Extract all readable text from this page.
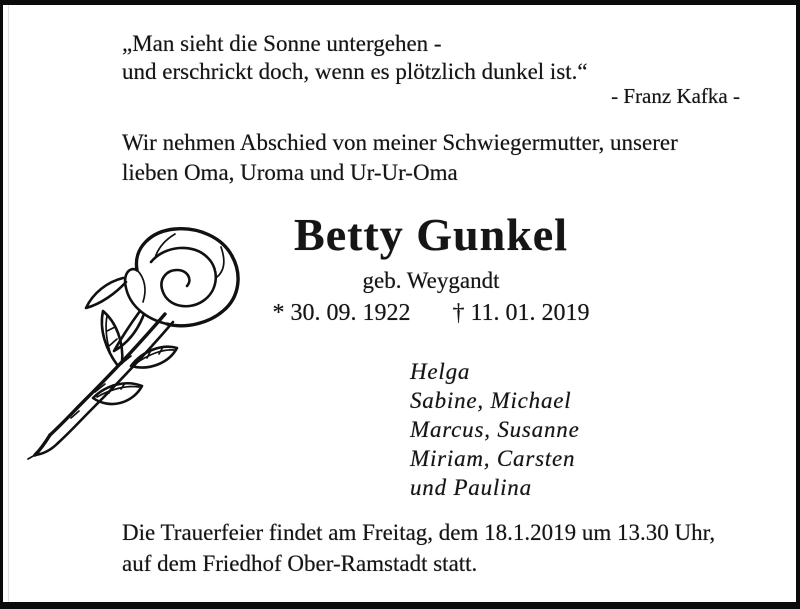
„Man sieht die Sonne untergehen -
und erschrickt doch, wenn es plötzlich dunkel ist.“
- Franz Kafka -
Wir nehmen Abschied von meiner Schwiegermutter, unserer
lieben Oma, Uroma und Ur-Ur-Oma
Betty Gunkel
geb. Weygandt
* 30. 09. 1922 † 11. 01. 2019
Helga
Sabine, Michael
Marcus, Susanne
Miriam, Carsten
und Paulina
Die Trauerfeier findet am Freitag, dem 18.1.2019 um 13.30 Uhr,
auf dem Friedhof Ober-Ramstadt statt.
